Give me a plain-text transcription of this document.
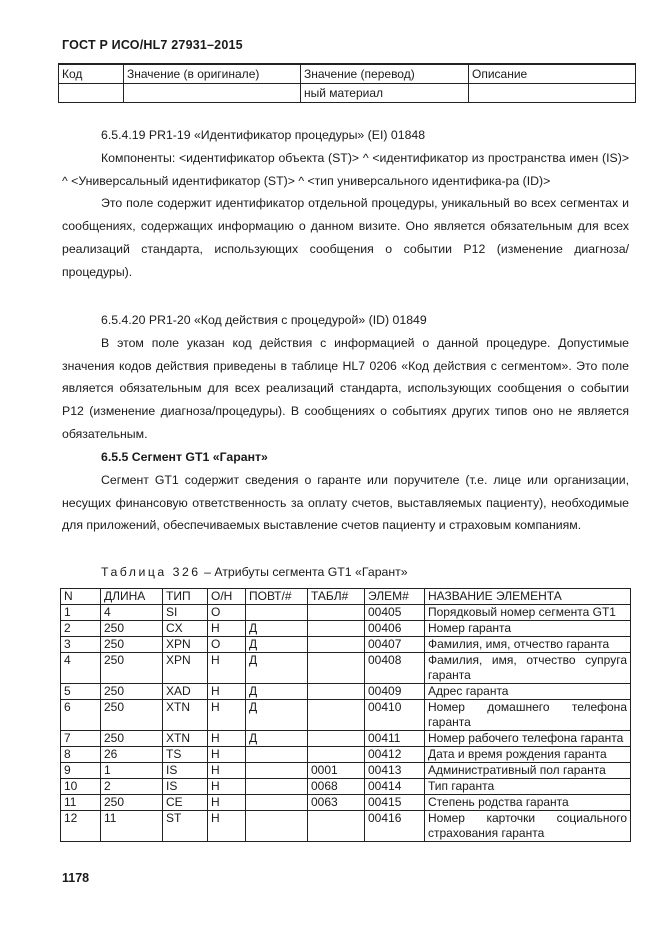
ГОСТ Р ИСО/HL7 27931–2015
Код	Значение (в оригинале)	Значение (перевод)	Описание
		ный материал	

6.5.4.19 PR1-19 «Идентификатор процедуры» (EI) 01848

Компоненты: <идентификатор объекта (ST)> ^ <идентификатор из пространства имен (IS)> ^ <Универсальный идентификатор (ST)> ^ <тип универсального идентифика-ра (ID)>

Это поле содержит идентификатор отдельной процедуры, уникальный во всех сегментах и сообщениях, содержащих информацию о данном визите. Оно является обязательным для всех реализаций стандарта, использующих сообщения о событии P12 (изменение диагноза/процедуры).

6.5.4.20 PR1-20 «Код действия с процедурой» (ID) 01849

В этом поле указан код действия с информацией о данной процедуре. Допустимые значения кодов действия приведены в таблице HL7 0206 «Код действия с сегментом». Это поле является обязательным для всех реализаций стандарта, использующих сообщения о событии P12 (изменение диагноза/процедуры). В сообщениях о событиях других типов оно не является обязательным.

6.5.5 Сегмент GT1 «Гарант»

Сегмент GT1 содержит сведения о гаранте или поручителе (т.е. лице или организации, несущих финансовую ответственность за оплату счетов, выставляемых пациенту), необходимые для приложений, обеспечиваемых выставление счетов пациенту и страховым компаниям.

Таблица 326 – Атрибуты сегмента GT1 «Гарант»
N	ДЛИНА	ТИП	О/Н	ПОВТ/#	ТАБЛ#	ЭЛЕМ#	НАЗВАНИЕ ЭЛЕМЕНТА
1	4	SI	О			00405	Порядковый номер сегмента GT1
2	250	CX	Н	Д		00406	Номер гаранта
3	250	XPN	О	Д		00407	Фамилия, имя, отчество гаранта
4	250	XPN	Н	Д		00408	Фамилия, имя, отчество супруга гаранта
5	250	XAD	Н	Д		00409	Адрес гаранта
6	250	XTN	Н	Д		00410	Номер домашнего телефона гаранта
7	250	XTN	Н	Д		00411	Номер рабочего телефона гаранта
8	26	TS	Н			00412	Дата и время рождения гаранта
9	1	IS	Н		0001	00413	Административный пол гаранта
10	2	IS	Н		0068	00414	Тип гаранта
11	250	CE	Н		0063	00415	Степень родства гаранта
12	11	ST	Н			00416	Номер карточки социального страхования гаранта
1178
